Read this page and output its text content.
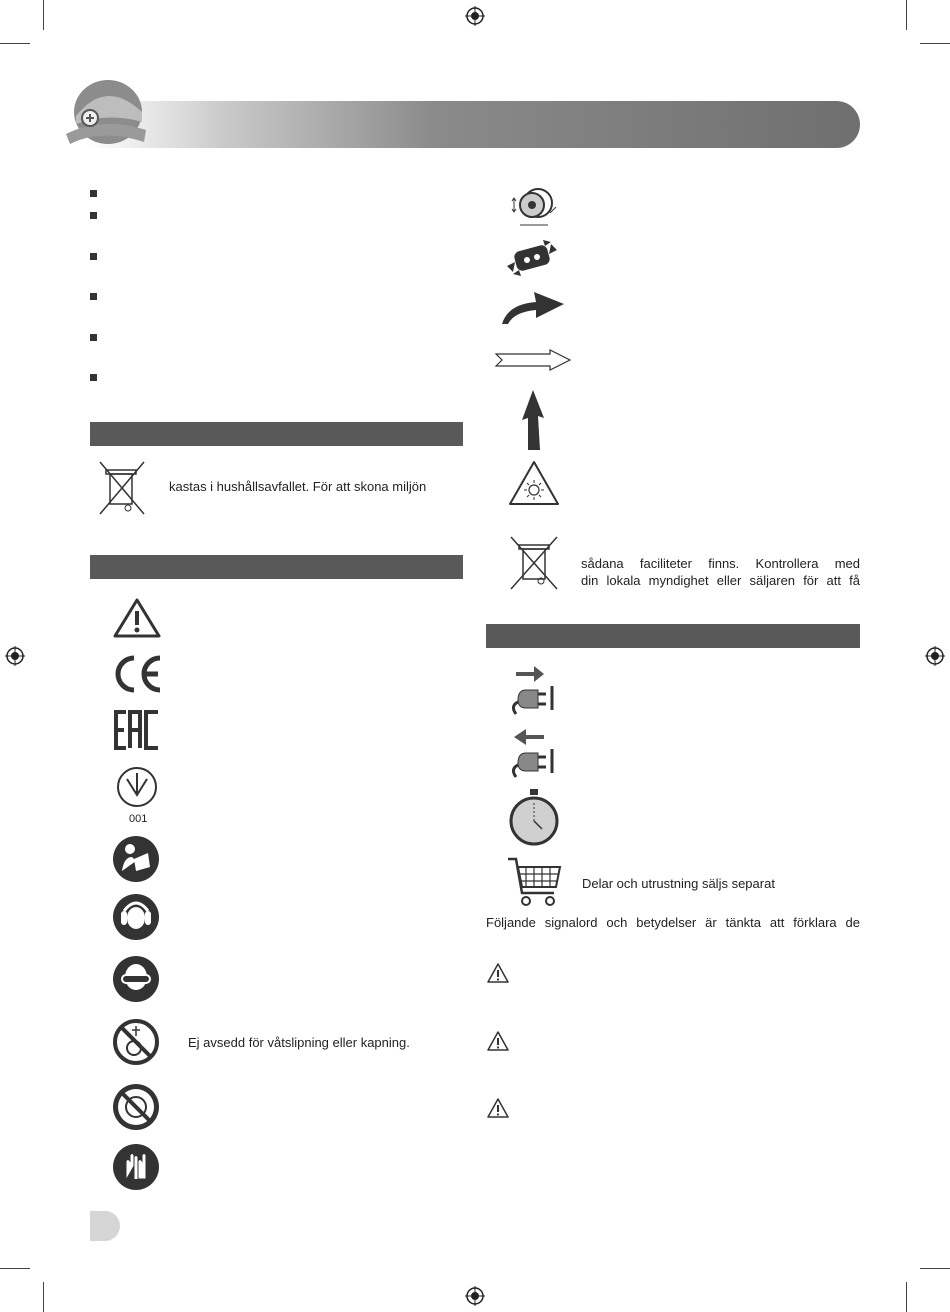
kastas i hushållsavfallet. För att skona miljön
001
Ej avsedd för våtslipning eller kapning.
sådana faciliteter finns. Kontrollera med
din lokala myndighet eller säljaren för att få
Delar och utrustning säljs separat
Följande signalord och betydelser är tänkta att förklara de
